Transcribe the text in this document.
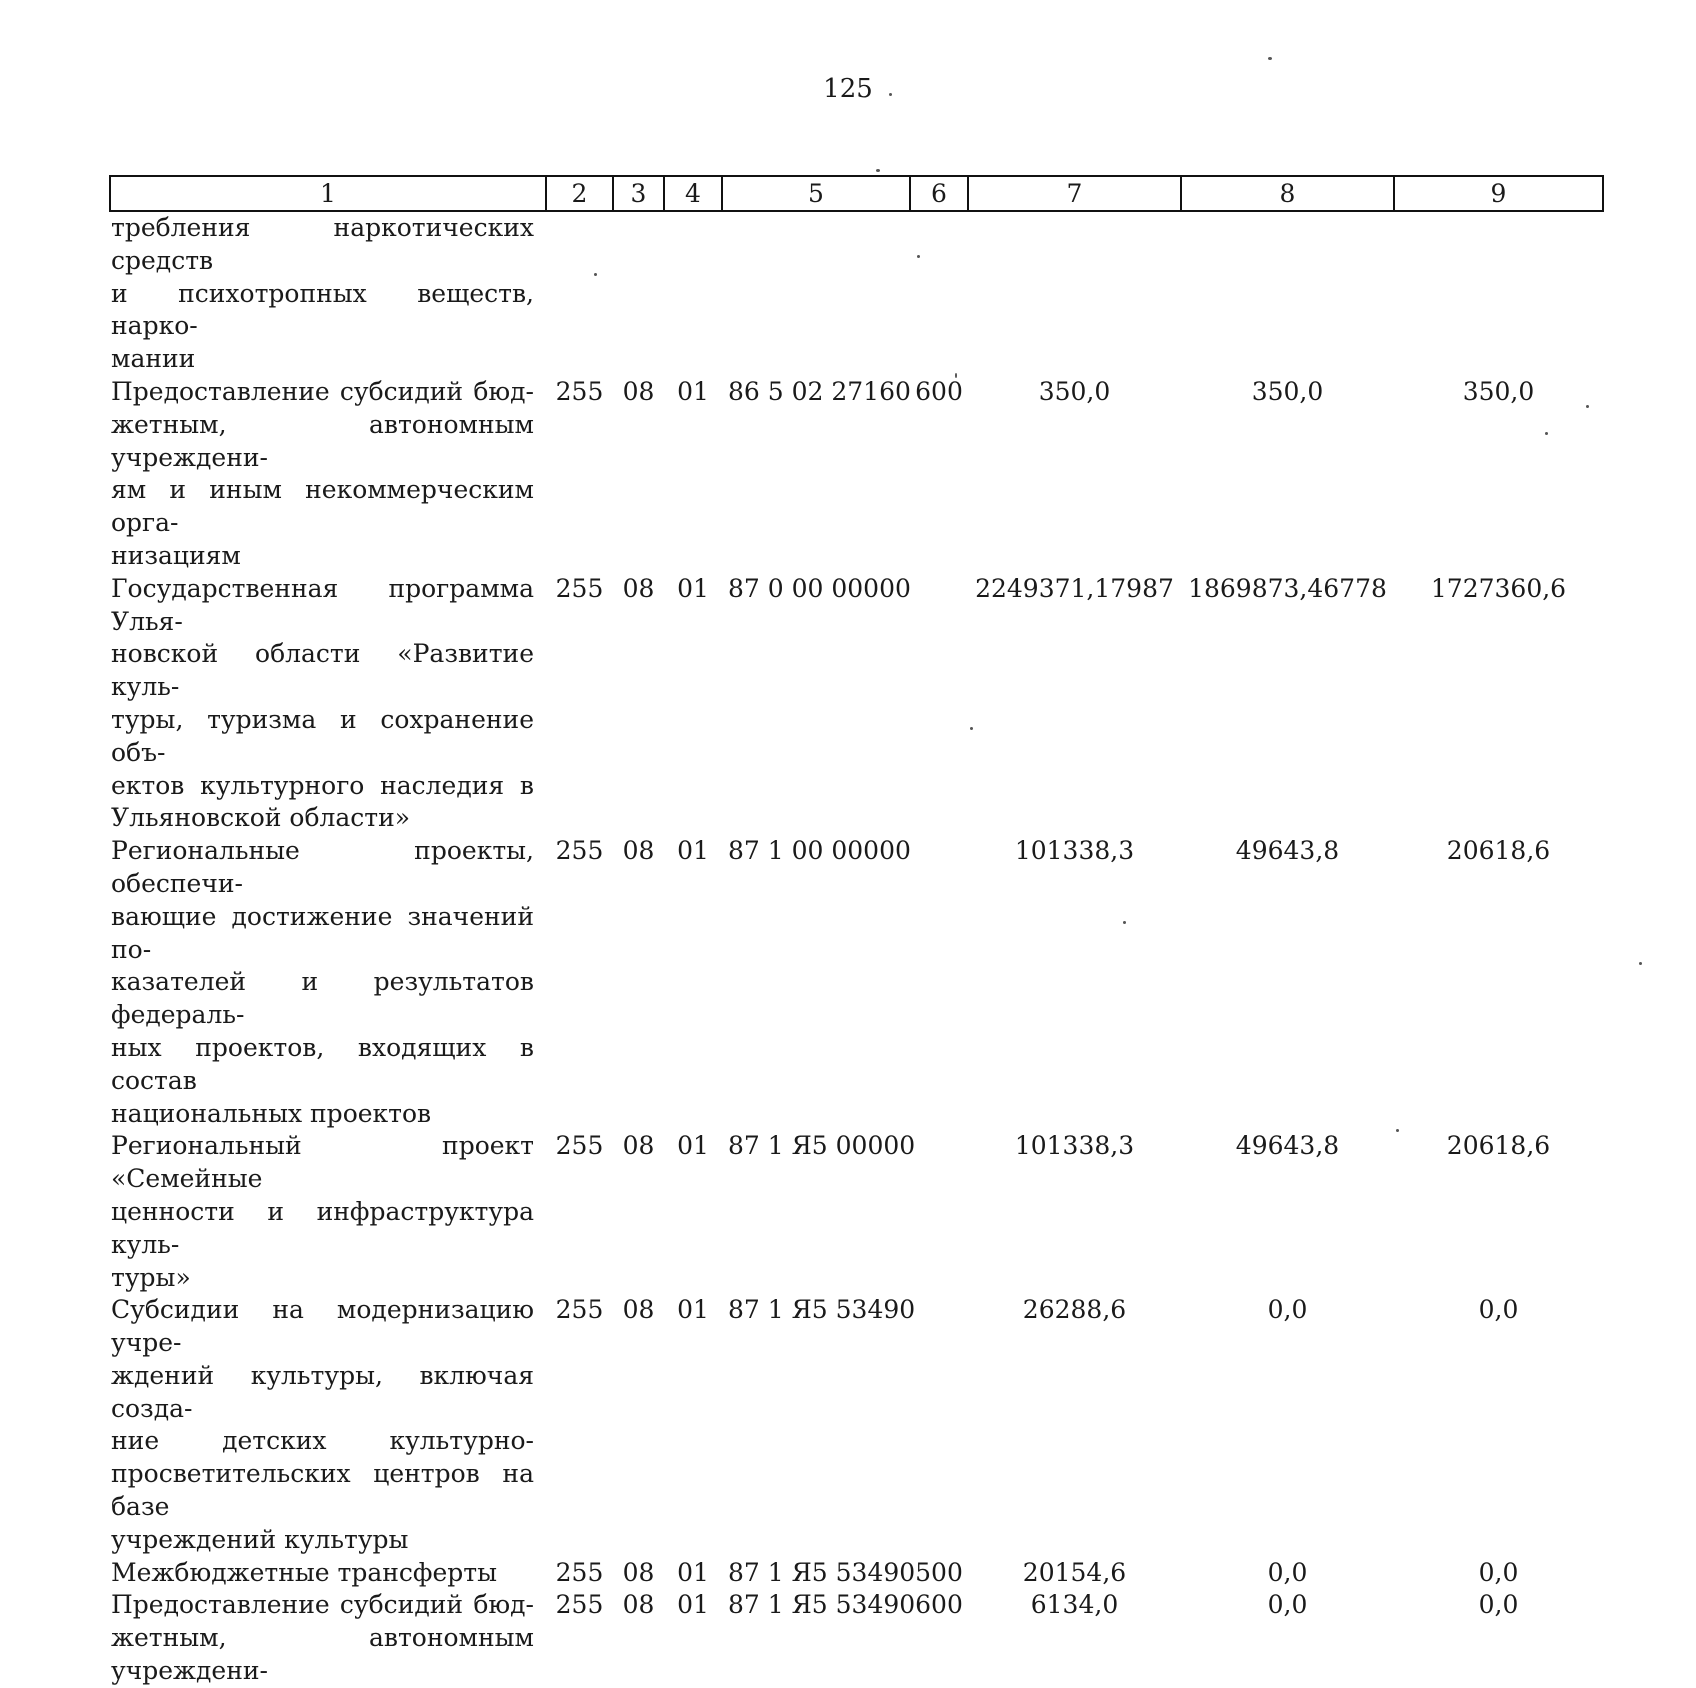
125
1	2	3	4	5	6	7	8	9

требления наркотических средств
и психотропных веществ, нарко-
мании								

Предоставление субсидий бюд-
жетным, автономным учреждени-
ям и иным некоммерческим орга-
низациям	255	08	01	86 5 02 27160	600	350,0	350,0	350,0

Государственная программа Улья-
новской области «Развитие куль-
туры, туризма и сохранение объ-
ектов культурного наследия в
Ульяновской области»	255	08	01	87 0 00 00000		2249371,17987	1869873,46778	1727360,6

Региональные проекты, обеспечи-
вающие достижение значений по-
казателей и результатов федераль-
ных проектов, входящих в состав
национальных проектов	255	08	01	87 1 00 00000		101338,3	49643,8	20618,6

Региональный проект «Семейные
ценности и инфраструктура куль-
туры»	255	08	01	87 1 Я5 00000		101338,3	49643,8	20618,6

Субсидии на модернизацию учре-
ждений культуры, включая созда-
ние детских культурно-
просветительских центров на базе
учреждений культуры	255	08	01	87 1 Я5 53490		26288,6	0,0	0,0

Межбюджетные трансферты	255	08	01	87 1 Я5 53490	500	20154,6	0,0	0,0

Предоставление субсидий бюд-
жетным, автономным учреждени-	255	08	01	87 1 Я5 53490	600	6134,0	0,0	0,0
